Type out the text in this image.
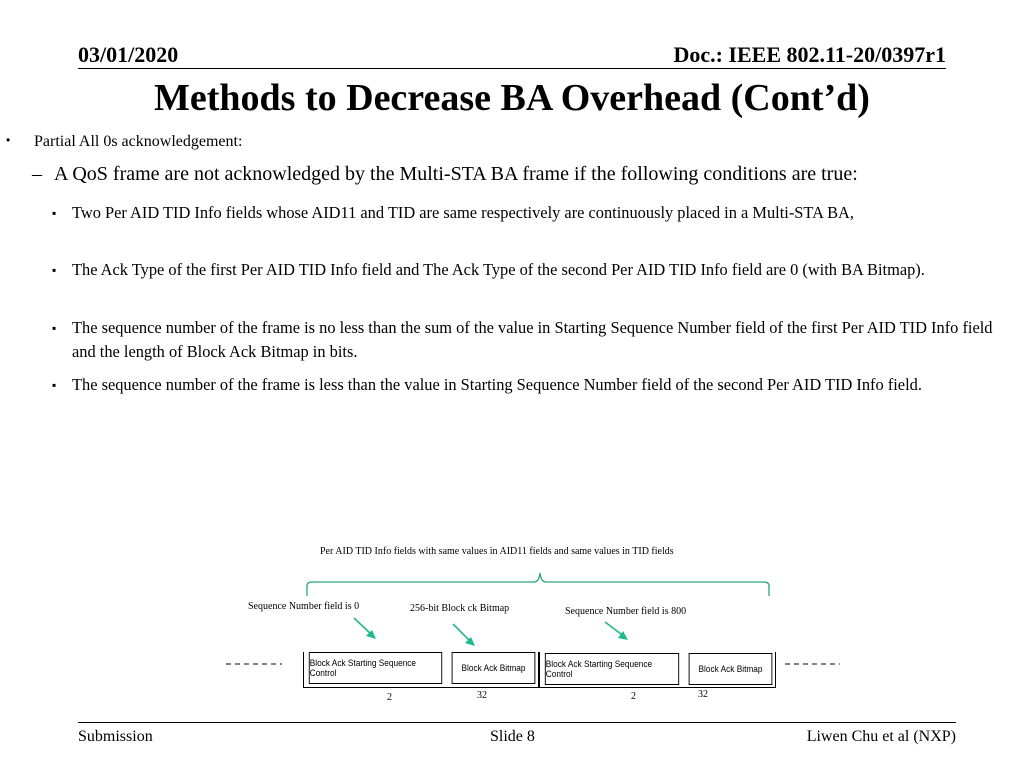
03/01/2020	Doc.: IEEE 802.11-20/0397r1
Methods to Decrease BA Overhead (Cont’d)
• Partial All 0s acknowledgement:
– A QoS frame are not acknowledged by the Multi-STA BA frame if the following conditions are true:
▪ Two Per AID TID Info fields whose AID11 and TID are same respectively are continuously placed in a Multi-STA BA,
▪ The Ack Type of the first Per AID TID Info field and The Ack Type of the second Per AID TID Info field are 0 (with BA Bitmap).
▪ The sequence number of the frame is no less than the sum of the value in Starting Sequence Number field of the first Per AID TID Info field and the length of Block Ack Bitmap in bits.
▪ The sequence number of the frame is less than the value in Starting Sequence Number field of the second Per AID TID Info field.
Per AID TID Info fields with same values in AID11 fields and same values in TID fields
Sequence Number field is 0	256-bit Block ck Bitmap	Sequence Number field is 800
Block Ack Starting Sequence Control	Block Ack Bitmap	Block Ack Starting Sequence Control	Block Ack Bitmap
2	32	2	32
Submission	Slide 8	Liwen Chu et al (NXP)
